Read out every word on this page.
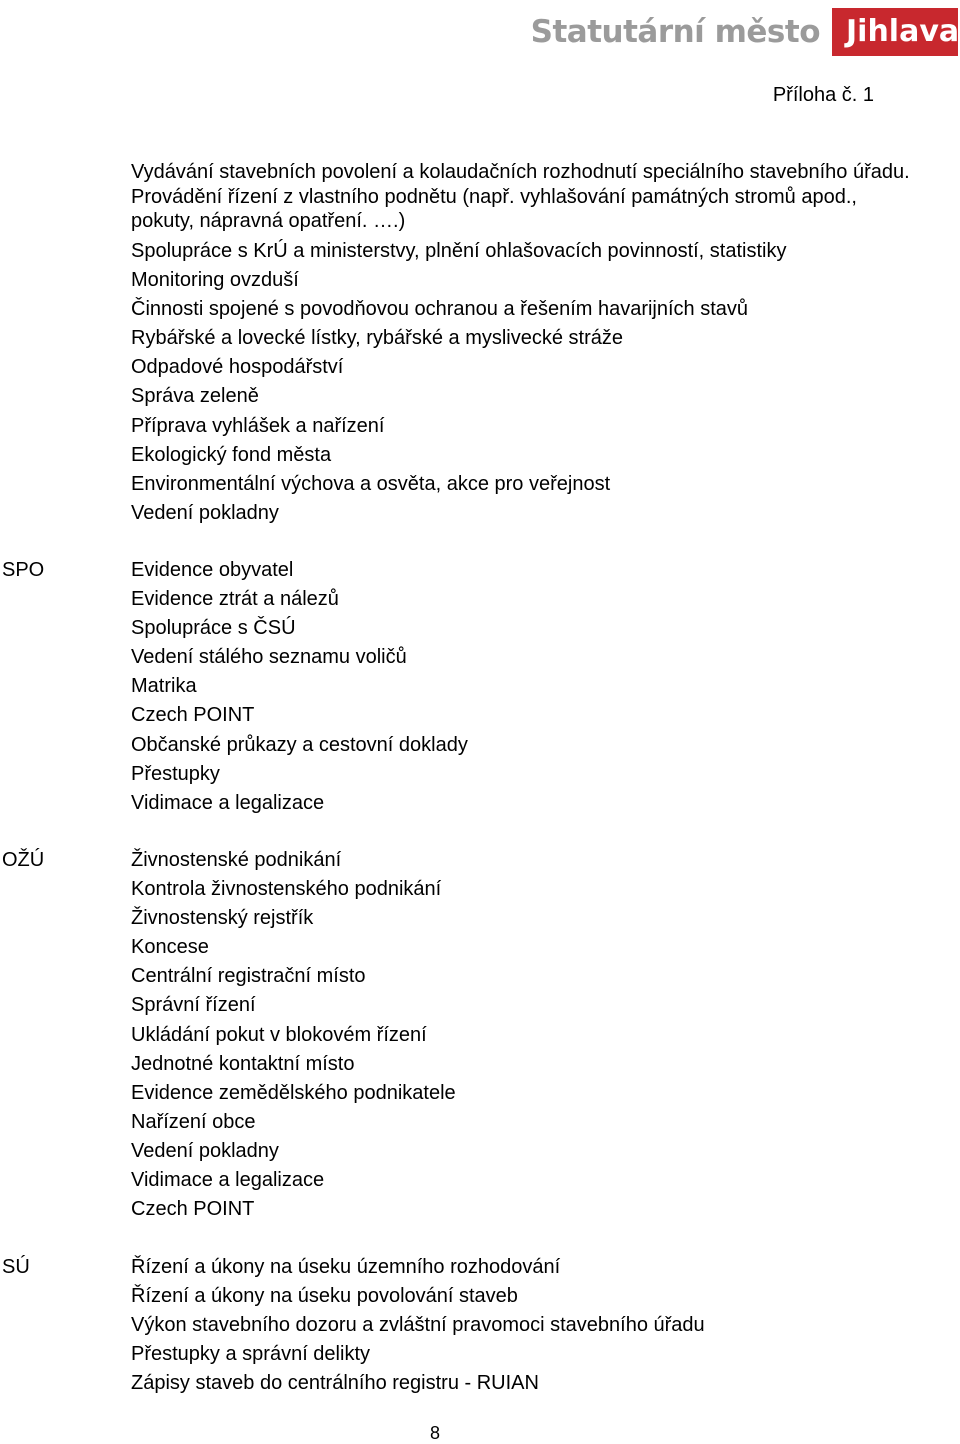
Statutární město Jihlava
Příloha č. 1
Vydávání stavebních povolení a kolaudačních rozhodnutí speciálního stavebního úřadu.
Provádění řízení z vlastního podnětu (např. vyhlašování památných stromů apod.,
pokuty, nápravná opatření. ….)
Spolupráce s KrÚ a ministerstvy, plnění ohlašovacích povinností, statistiky
Monitoring ovzduší
Činnosti spojené s povodňovou ochranou a řešením havarijních stavů
Rybářské a lovecké lístky, rybářské a myslivecké stráže
Odpadové hospodářství
Správa zeleně
Příprava vyhlášek a nařízení
Ekologický fond města
Environmentální výchova a osvěta, akce pro veřejnost
Vedení pokladny
SPO	Evidence obyvatel
Evidence ztrát a nálezů
Spolupráce s ČSÚ
Vedení stálého seznamu voličů
Matrika
Czech POINT
Občanské průkazy a cestovní doklady
Přestupky
Vidimace a legalizace
OŽÚ	Živnostenské podnikání
Kontrola živnostenského podnikání
Živnostenský rejstřík
Koncese
Centrální registrační místo
Správní řízení
Ukládání pokut v blokovém řízení
Jednotné kontaktní místo
Evidence zemědělského podnikatele
Nařízení obce
Vedení pokladny
Vidimace a legalizace
Czech POINT
SÚ	Řízení a úkony na úseku územního rozhodování
Řízení a úkony na úseku povolování staveb
Výkon stavebního dozoru a zvláštní pravomoci stavebního úřadu
Přestupky a správní delikty
Zápisy staveb do centrálního registru - RUIAN
8
